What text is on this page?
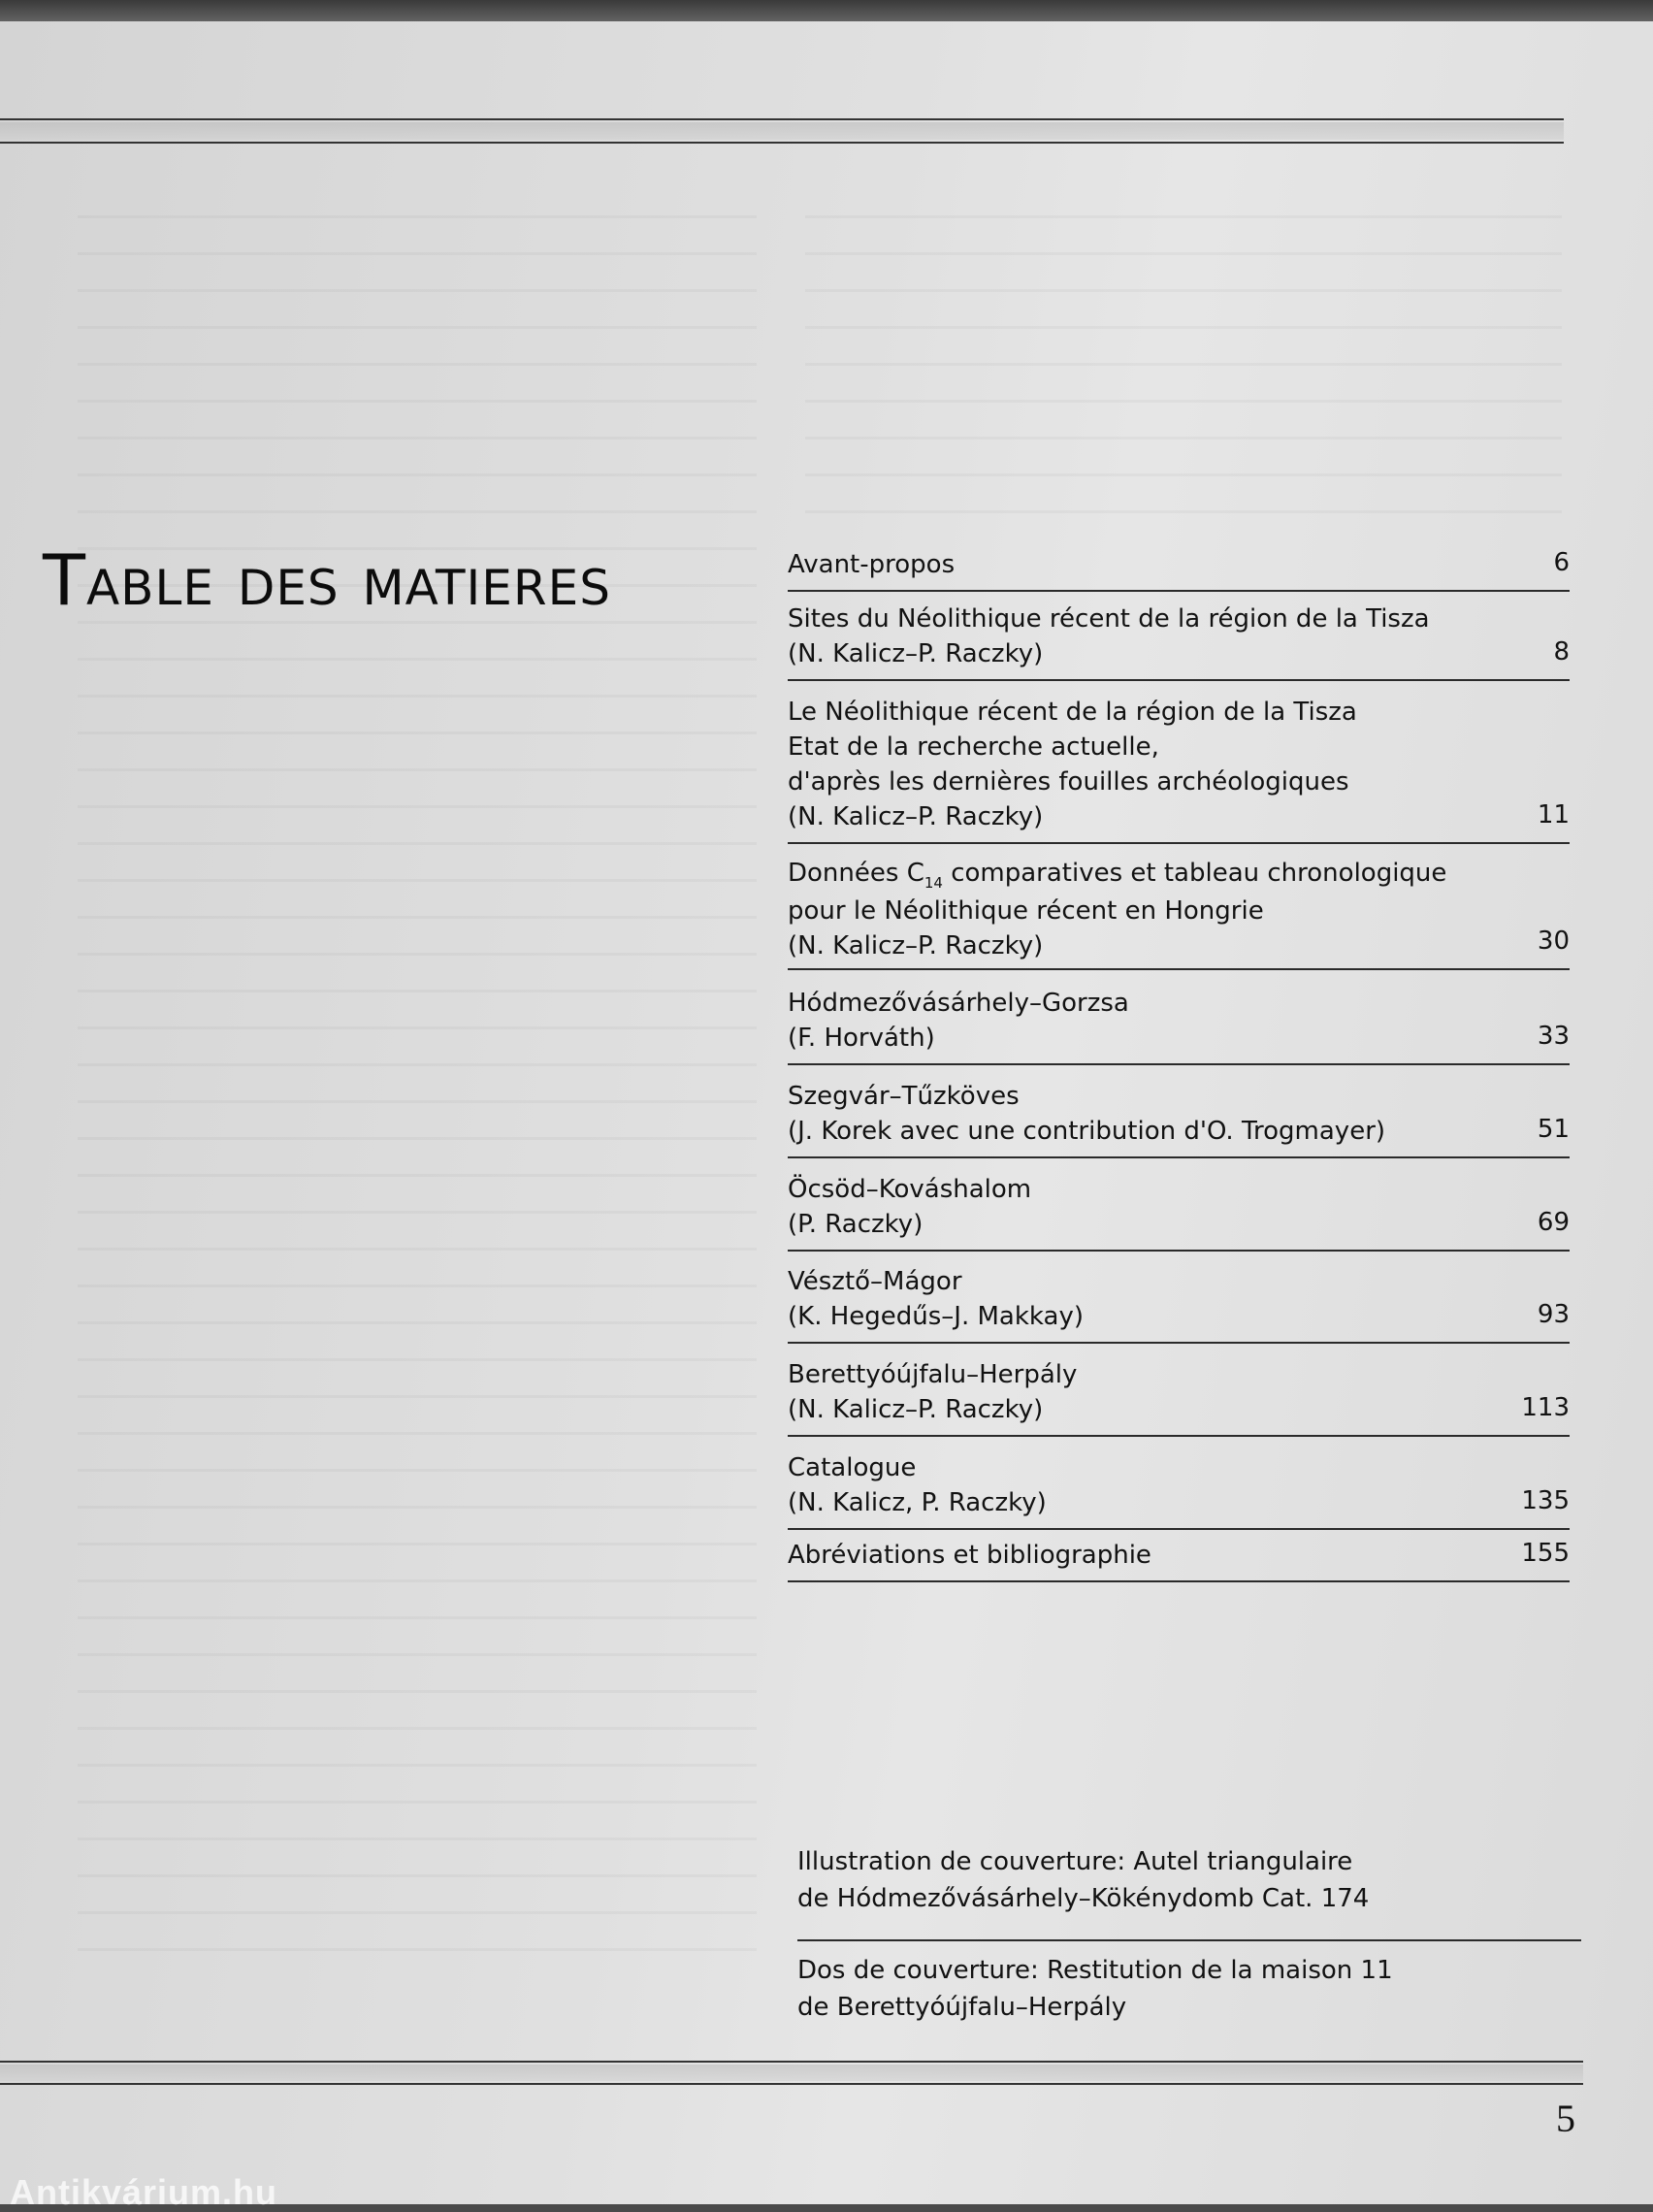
Table des matieres	Avant-propos	6
Sites du Néolithique récent de la région de la Tisza
(N. Kalicz–P. Raczky)	8
Le Néolithique récent de la région de la Tisza
Etat de la recherche actuelle,
d'après les dernières fouilles archéologiques
(N. Kalicz–P. Raczky)	11
Données $C_{14}$ comparatives et tableau chronologique
pour le Néolithique récent en Hongrie
(N. Kalicz–P. Raczky)	30
Hódmezővásárhely–Gorzsa
(F. Horváth)	33
Szegvár–Tűzköves
(J. Korek avec une contribution d'O. Trogmayer)	51
Öcsöd–Kováshalom
(P. Raczky)	69
Vésztő–Mágor
(K. Hegedűs–J. Makkay)	93
Berettyóújfalu–Herpály
(N. Kalicz–P. Raczky)	113
Catalogue
(N. Kalicz, P. Raczky)	135
Abréviations et bibliographie	155
Illustration de couverture: Autel triangulaire
de Hódmezővásárhely–Kökénydomb Cat. 174
Dos de couverture: Restitution de la maison 11
de Berettyóújfalu–Herpály
5
Antikvárium.hu
